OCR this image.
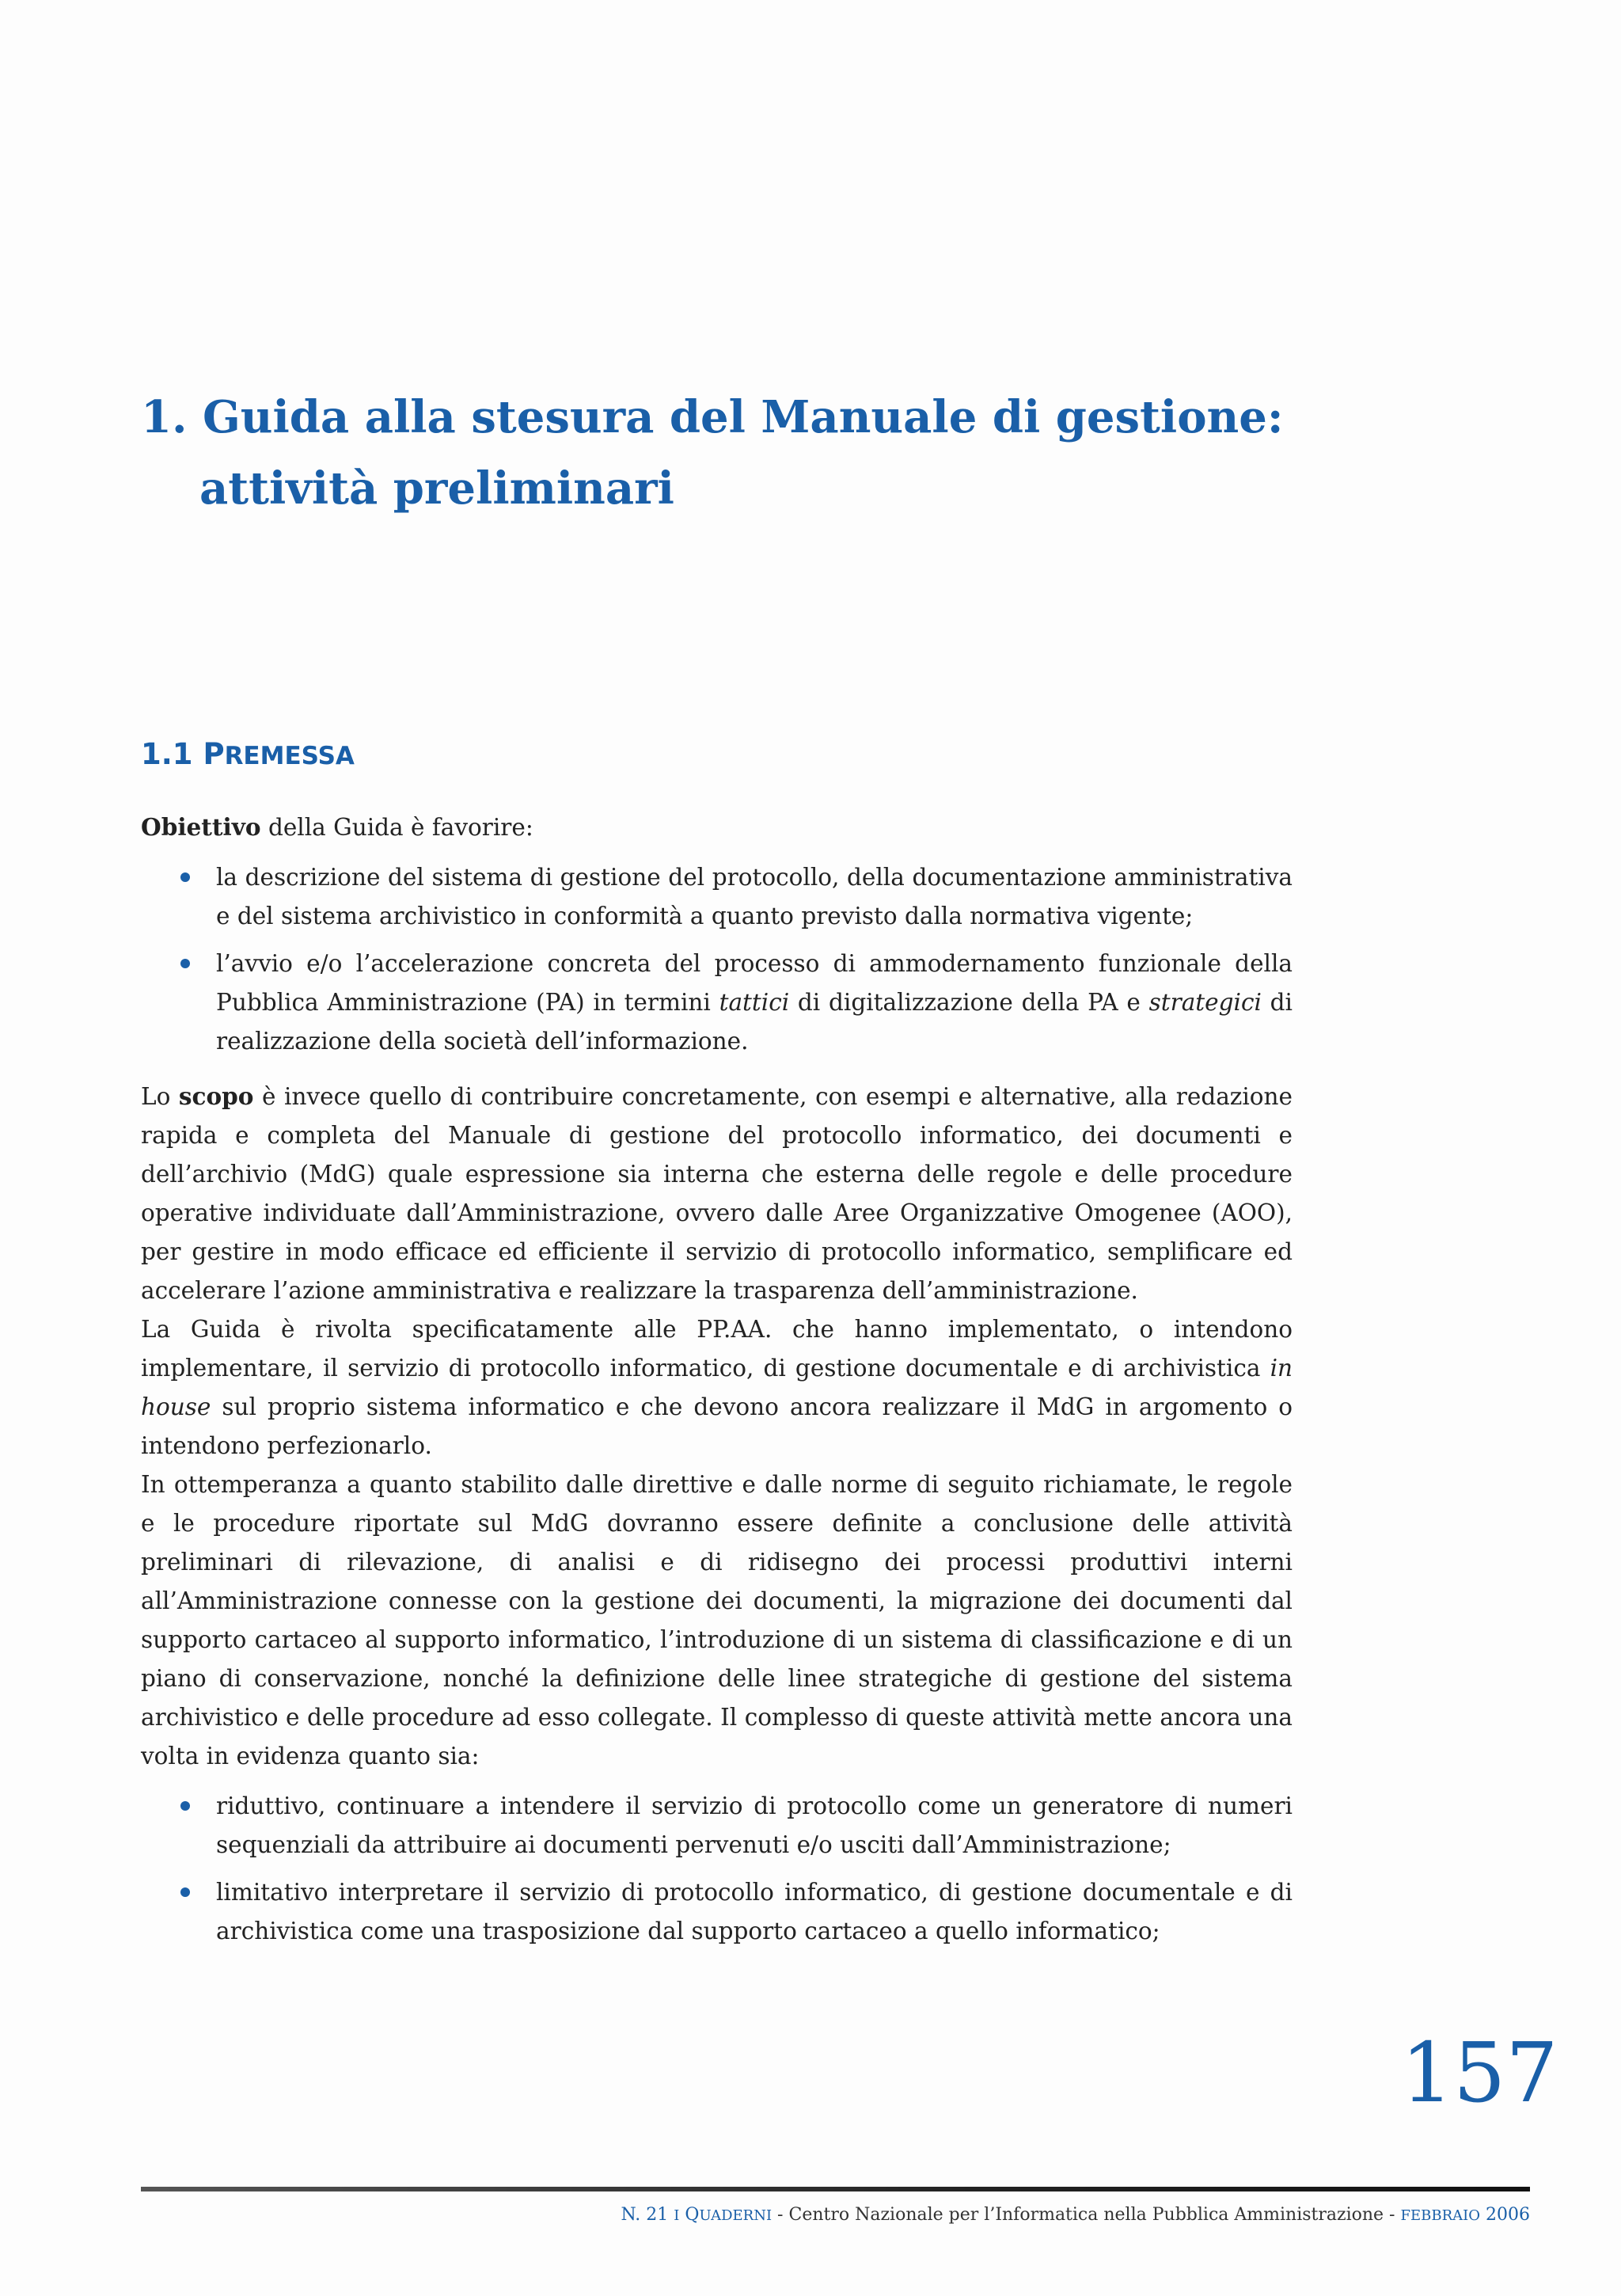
1. Guida alla stesura del Manuale di gestione:
attività preliminari
1.1 PREMESSA

Obiettivo della Guida è favorire:

la descrizione del sistema di gestione del protocollo, della documentazione amministrativa e del sistema archivistico in conformità a quanto previsto dalla normativa vigente;
l’avvio e/o l’accelerazione concreta del processo di ammodernamento funzionale della Pubblica Amministrazione (PA) in termini tattici di digitalizzazione della PA e strategici di realizzazione della società dell’informazione.

Lo scopo è invece quello di contribuire concretamente, con esempi e alternative, alla redazione rapida e completa del Manuale di gestione del protocollo informatico, dei documenti e dell’archivio (MdG) quale espressione sia interna che esterna delle regole e delle procedure operative individuate dall’Amministrazione, ovvero dalle Aree Organizzative Omogenee (AOO), per gestire in modo efficace ed efficiente il servizio di protocollo informatico, semplificare ed accelerare l’azione amministrativa e realizzare la trasparenza dell’amministrazione.

La Guida è rivolta specificatamente alle PP.AA. che hanno implementato, o intendono implementare, il servizio di protocollo informatico, di gestione documentale e di archivistica in house sul proprio sistema informatico e che devono ancora realizzare il MdG in argomento o intendono perfezionarlo.

In ottemperanza a quanto stabilito dalle direttive e dalle norme di seguito richiamate, le regole e le procedure riportate sul MdG dovranno essere definite a conclusione delle attività preliminari di rilevazione, di analisi e di ridisegno dei processi produttivi interni all’Amministrazione connesse con la gestione dei documenti, la migrazione dei documenti dal supporto cartaceo al supporto informatico, l’introduzione di un sistema di classificazione e di un piano di conservazione, nonché la definizione delle linee strategiche di gestione del sistema archivistico e delle procedure ad esso collegate. Il complesso di queste attività mette ancora una volta in evidenza quanto sia:

riduttivo, continuare a intendere il servizio di protocollo come un generatore di numeri sequenziali da attribuire ai documenti pervenuti e/o usciti dall’Amministrazione;
limitativo interpretare il servizio di protocollo informatico, di gestione documentale e di archivistica come una trasposizione dal supporto cartaceo a quello informatico;
157
N. 21 I QUADERNI - Centro Nazionale per l’Informatica nella Pubblica Amministrazione - FEBBRAIO 2006
